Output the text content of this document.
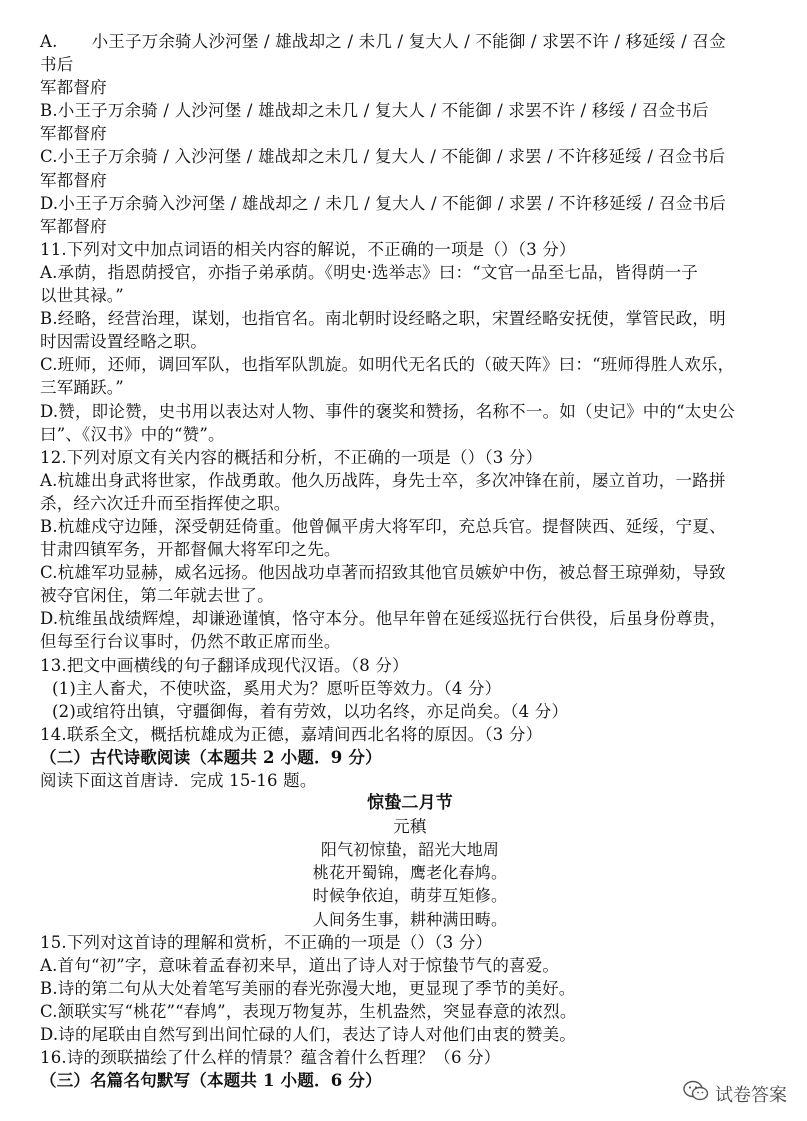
A. 小王子万余骑人沙河堡 / 雄战却之 / 未几 / 复大人 / 不能御 / 求罢不许 / 移延绥 / 召佥
书后
军都督府
B.小王子万余骑 / 人沙河堡 / 雄战却之未几 / 复大人 / 不能御 / 求罢不许 / 移绥 / 召佥书后
军都督府
C.小王子万余骑 / 入沙河堡 / 雄战却之未几 / 复大人 / 不能御 / 求罢 / 不许移延绥 / 召佥书后
军都督府
D.小王子万余骑入沙河堡 / 雄战却之 / 未几 / 复大人 / 不能御 / 求罢 / 不许移延绥 / 召佥书后
军都督府
11.下列对文中加点词语的相关内容的解说，不正确的一项是（）（3 分）
A.承荫，指恩荫授官，亦指子弟承荫。《明史·选举志》曰：“文官一品至七品，皆得荫一子
以世其禄。”
B.经略，经营治理，谋划，也指官名。南北朝时设经略之职，宋置经略安抚使，掌管民政，明
时因需设置经略之职。
C.班师，还师，调回军队，也指军队凯旋。如明代无名氏的（破天阵》曰：“班师得胜人欢乐，
三军踊跃。”
D.赞，即论赞，史书用以表达对人物、事件的褒奖和赞扬，名称不一。如（史记》中的“太史公
曰”、《汉书》中的“赞”。
12.下列对原文有关内容的概括和分析，不正确的一项是（）（3 分）
A.杭雄出身武将世家，作战勇敢。他久历战阵，身先士卒，多次冲锋在前，屡立首功，一路拼
杀，经六次迁升而至指挥使之职。
B.杭雄戍守边陲，深受朝廷倚重。他曾佩平虏大将军印，充总兵官。提督陕西、延绥，宁夏、
甘肃四镇军务，开都督佩大将军印之先。
C.杭雄军功显赫，威名远扬。他因战功卓著而招致其他官员嫉妒中伤，被总督王琼弹劾，导致
被夺官闲住，第二年就去世了。
D.杭维虽战绩辉煌，却谦逊谨慎，恪守本分。他早年曾在延绥巡抚行台供役，后虽身份尊贵，
但每至行台议事时，仍然不敢正席而坐。
13.把文中画横线的句子翻译成现代汉语。（8 分）
(1)主人畜犬，不使吠盗，奚用犬为？愿听臣等效力。（4 分）
(2)或绾符出镇，守疆御侮，着有劳效，以功名终，亦足尚矣。（4 分）
14.联系全文，概括杭雄成为正德，嘉靖间西北名将的原因。（3 分）
（二）古代诗歌阅读（本题共 2 小题．9 分）
阅读下面这首唐诗．完成 15-16 题。
惊蛰二月节
元稹
阳气初惊蛰，韶光大地周
桃花开蜀锦，鹰老化春鸠。
时候争依迫，萌芽互矩修。
人间务生事，耕种满田畴。
15.下列对这首诗的理解和赏析，不正确的一项是（）（3 分）
A.首句“初”字，意味着孟春初来早，道出了诗人对于惊蛰节气的喜爱。
B.诗的第二句从大处着笔写美丽的春光弥漫大地，更显现了季节的美好。
C.颔联实写“桃花”“春鸠”，表现万物复苏，生机盎然，突显春意的浓烈。
D.诗的尾联由自然写到出间忙碌的人们，表达了诗人对他们由衷的赞美。
16.诗的颈联描绘了什么样的情景？蕴含着什么哲理？（6 分）
（三）名篇名句默写（本题共 1 小题．6 分）
试卷答案
